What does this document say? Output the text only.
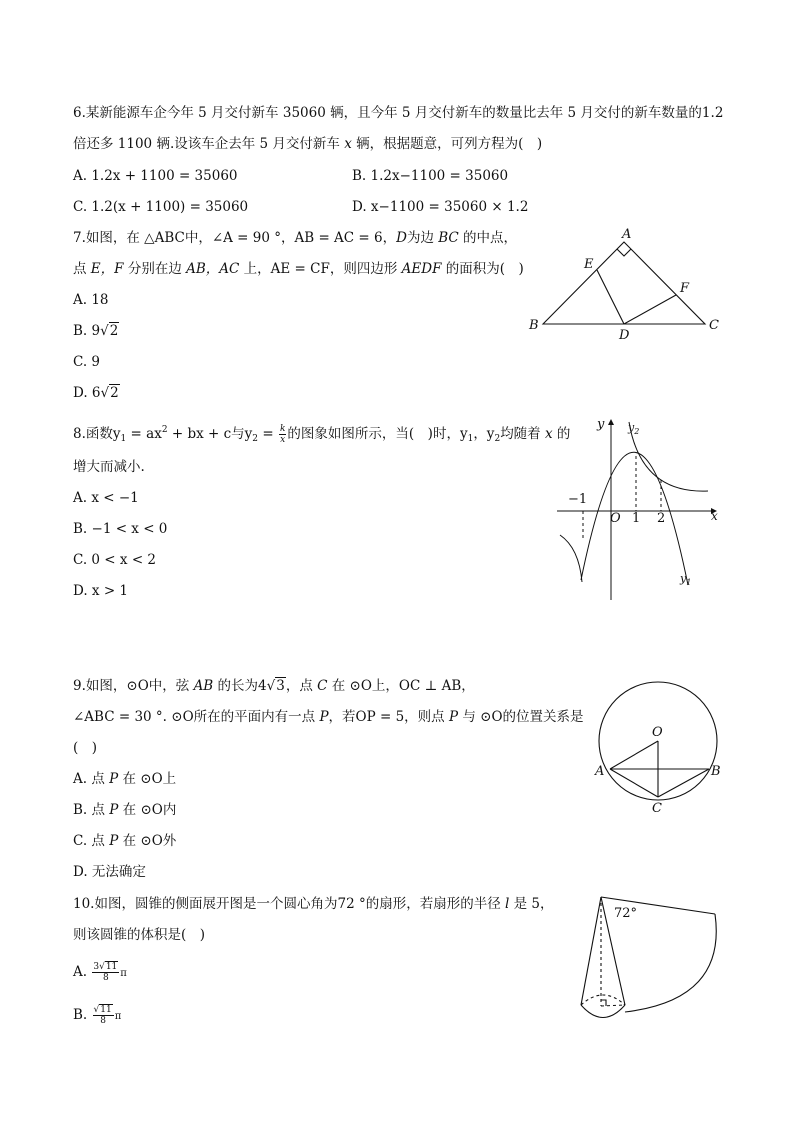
6.某新能源车企今年 5 月交付新车 35060 辆，且今年 5 月交付新车的数量比去年 5 月交付的新车数量的1.2
倍还多 1100 辆.设该车企去年 5 月交付新车 x 辆，根据题意，可列方程为(　)
A. 1.2x + 1100 = 35060	B. 1.2x−1100 = 35060
C. 1.2(x + 1100) = 35060	D. x−1100 = 35060 × 1.2
7.如图，在 △ABC中，∠A = 90 °，AB = AC = 6，D为边 BC 的中点，
点 E，F 分别在边 AB，AC 上，AE = CF，则四边形 AEDF 的面积为(　)
A. 18
B. 9√2
C. 9
D. 6√2
A
B	C
D
E
F
8.函数$y_1 = ax^2$ + bx + c与$y_2 = \frac{k}{x}$ 的图象如图所示，当(　)时，$y_1$，$y_2$均随着 x 的
增大而减小.
A. x < −1
B. −1 < x < 0
C. 0 < x < 2
D. x > 1
y
x
O
−1
1 2
$y_2$
$y_1$
9.如图，⊙O中，弦 AB 的长为4√3，点 C 在 ⊙O上，OC ⊥ AB，
∠ABC = 30 °. ⊙O所在的平面内有一点 P，若OP = 5，则点 P 与 ⊙O的位置关系是
(　)
A. 点 P 在 ⊙O上
B. 点 P 在 ⊙O内
C. 点 P 在 ⊙O外
D. 无法确定
O
A	B
C
10.如图，圆锥的侧面展开图是一个圆心角为72 °的扇形，若扇形的半径 l 是 5，
则该圆锥的体积是(　)
A. $\frac{3√11}{8}$ π
B. $\frac{√11}{8}$ π
72°
